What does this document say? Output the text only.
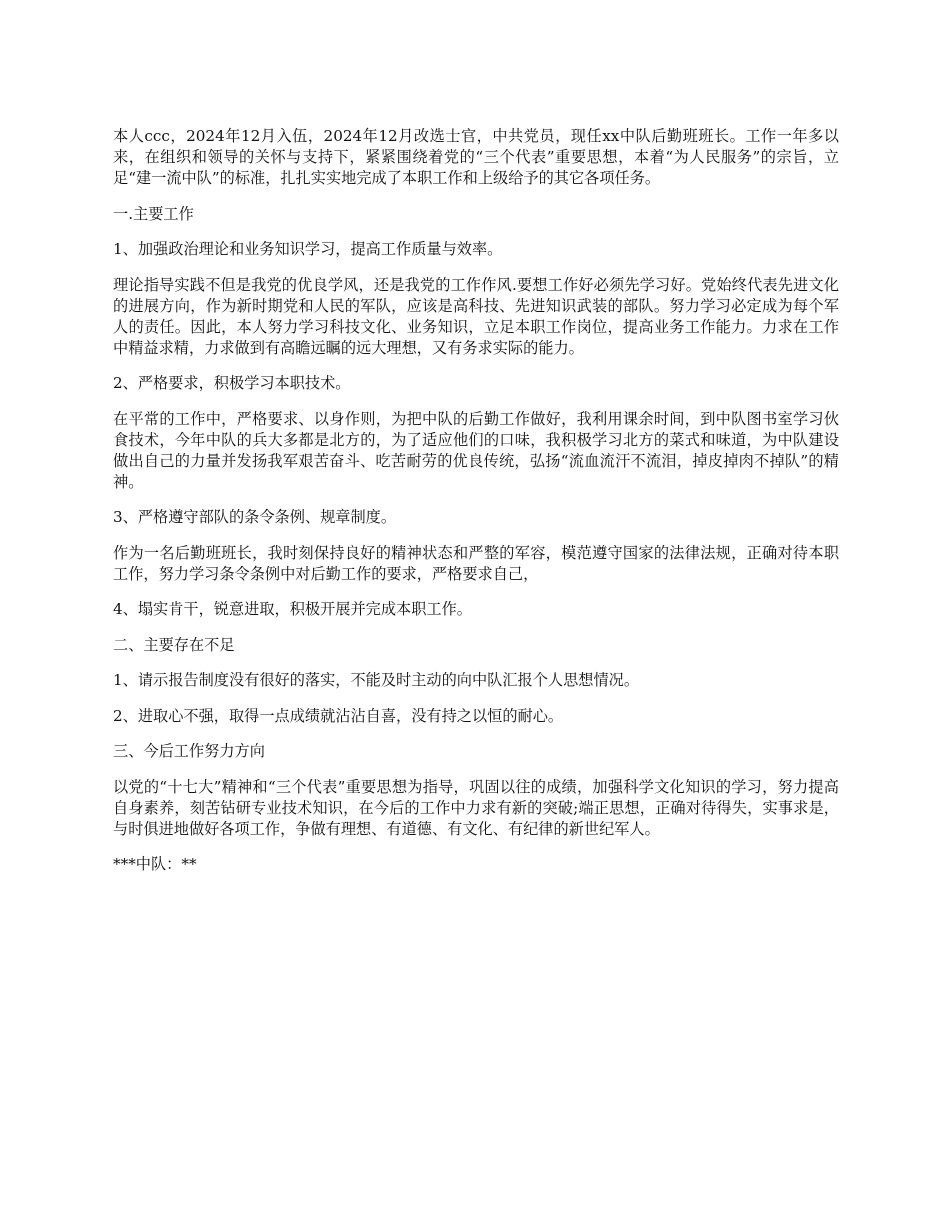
本人ccc，2024年12月入伍，2024年12月改选士官，中共党员，现任xx中队后勤班班长。工作一年多以来，在组织和领导的关怀与支持下，紧紧围绕着党的“三个代表”重要思想，本着“为人民服务”的宗旨，立足“建一流中队”的标准，扎扎实实地完成了本职工作和上级给予的其它各项任务。

一.主要工作

1、加强政治理论和业务知识学习，提高工作质量与效率。

理论指导实践不但是我党的优良学风，还是我党的工作作风.要想工作好必须先学习好。党始终代表先进文化的进展方向，作为新时期党和人民的军队，应该是高科技、先进知识武装的部队。努力学习必定成为每个军人的责任。因此，本人努力学习科技文化、业务知识，立足本职工作岗位，提高业务工作能力。力求在工作中精益求精，力求做到有高瞻远瞩的远大理想，又有务求实际的能力。

2、严格要求，积极学习本职技术。

在平常的工作中，严格要求、以身作则，为把中队的后勤工作做好，我利用课余时间，到中队图书室学习伙食技术，今年中队的兵大多都是北方的，为了适应他们的口味，我积极学习北方的菜式和味道，为中队建设做出自己的力量并发扬我军艰苦奋斗、吃苦耐劳的优良传统，弘扬“流血流汗不流泪，掉皮掉肉不掉队”的精神。

3、严格遵守部队的条令条例、规章制度。

作为一名后勤班班长，我时刻保持良好的精神状态和严整的军容，模范遵守国家的法律法规，正确对待本职工作，努力学习条令条例中对后勤工作的要求，严格要求自己，

4、塌实肯干，锐意进取，积极开展并完成本职工作。

二、主要存在不足

1、请示报告制度没有很好的落实，不能及时主动的向中队汇报个人思想情况。

2、进取心不强，取得一点成绩就沾沾自喜，没有持之以恒的耐心。

三、今后工作努力方向

以党的“十七大”精神和“三个代表”重要思想为指导，巩固以往的成绩，加强科学文化知识的学习，努力提高自身素养，刻苦钻研专业技术知识，在今后的工作中力求有新的突破;端正思想，正确对待得失，实事求是，与时俱进地做好各项工作，争做有理想、有道德、有文化、有纪律的新世纪军人。

***中队：**
